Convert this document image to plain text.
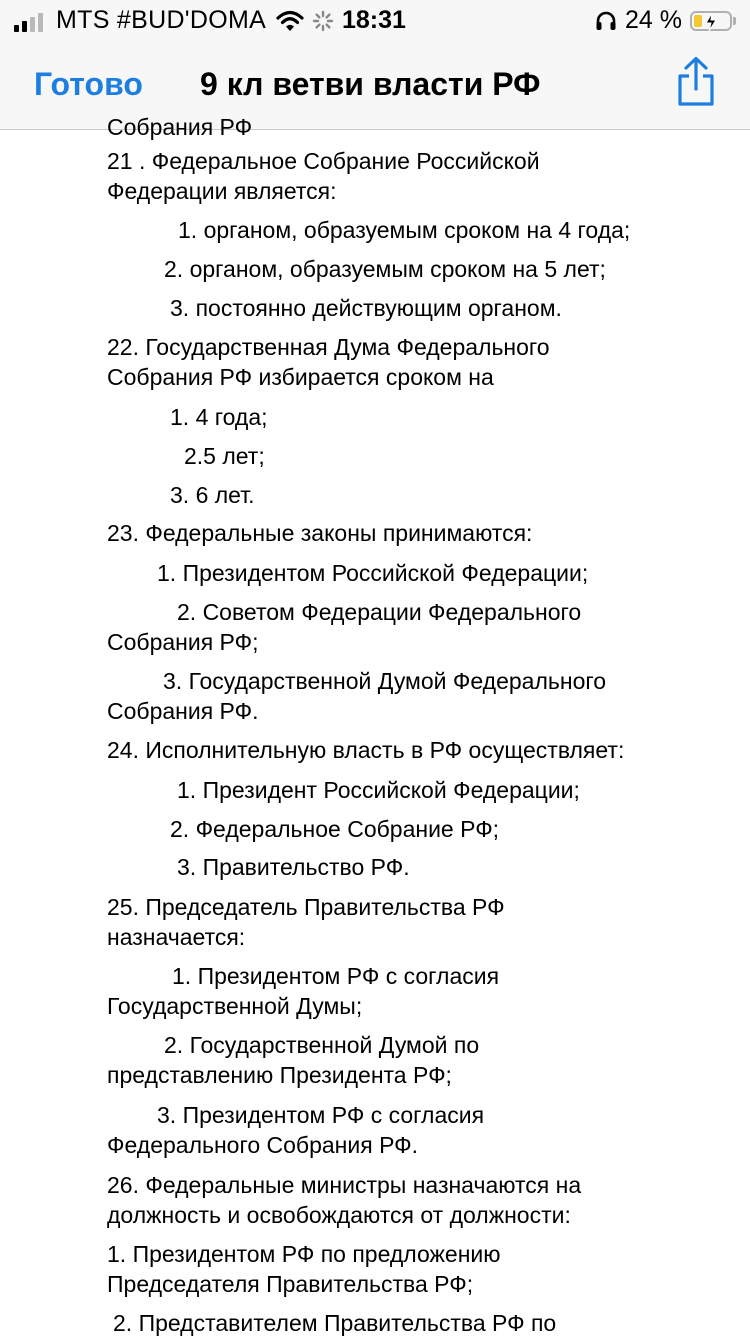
MTS #BUD'DOMA	18:31	24 %
Готово 9 кл ветви власти РФ
Собрания РФ
21 . Федеральное Собрание Российской
Федерации является:
1. органом, образуемым сроком на 4 года;
2. органом, образуемым сроком на 5 лет;
3. постоянно действующим органом.
22. Государственная Дума Федерального
Собрания РФ избирается сроком на
1. 4 года;
2.5 лет;
3. 6 лет.
23. Федеральные законы принимаются:
1. Президентом Российской Федерации;
2. Советом Федерации Федерального
Собрания РФ;
3. Государственной Думой Федерального
Собрания РФ.
24. Исполнительную власть в РФ осуществляет:
1. Президент Российской Федерации;
2. Федеральное Собрание РФ;
3. Правительство РФ.
25. Председатель Правительства РФ
назначается:
1. Президентом РФ с согласия
Государственной Думы;
2. Государственной Думой по
представлению Президента РФ;
3. Президентом РФ с согласия
Федерального Собрания РФ.
26. Федеральные министры назначаются на
должность и освобождаются от должности:
1. Президентом РФ по предложению
Председателя Правительства РФ;
2. Представителем Правительства РФ по
